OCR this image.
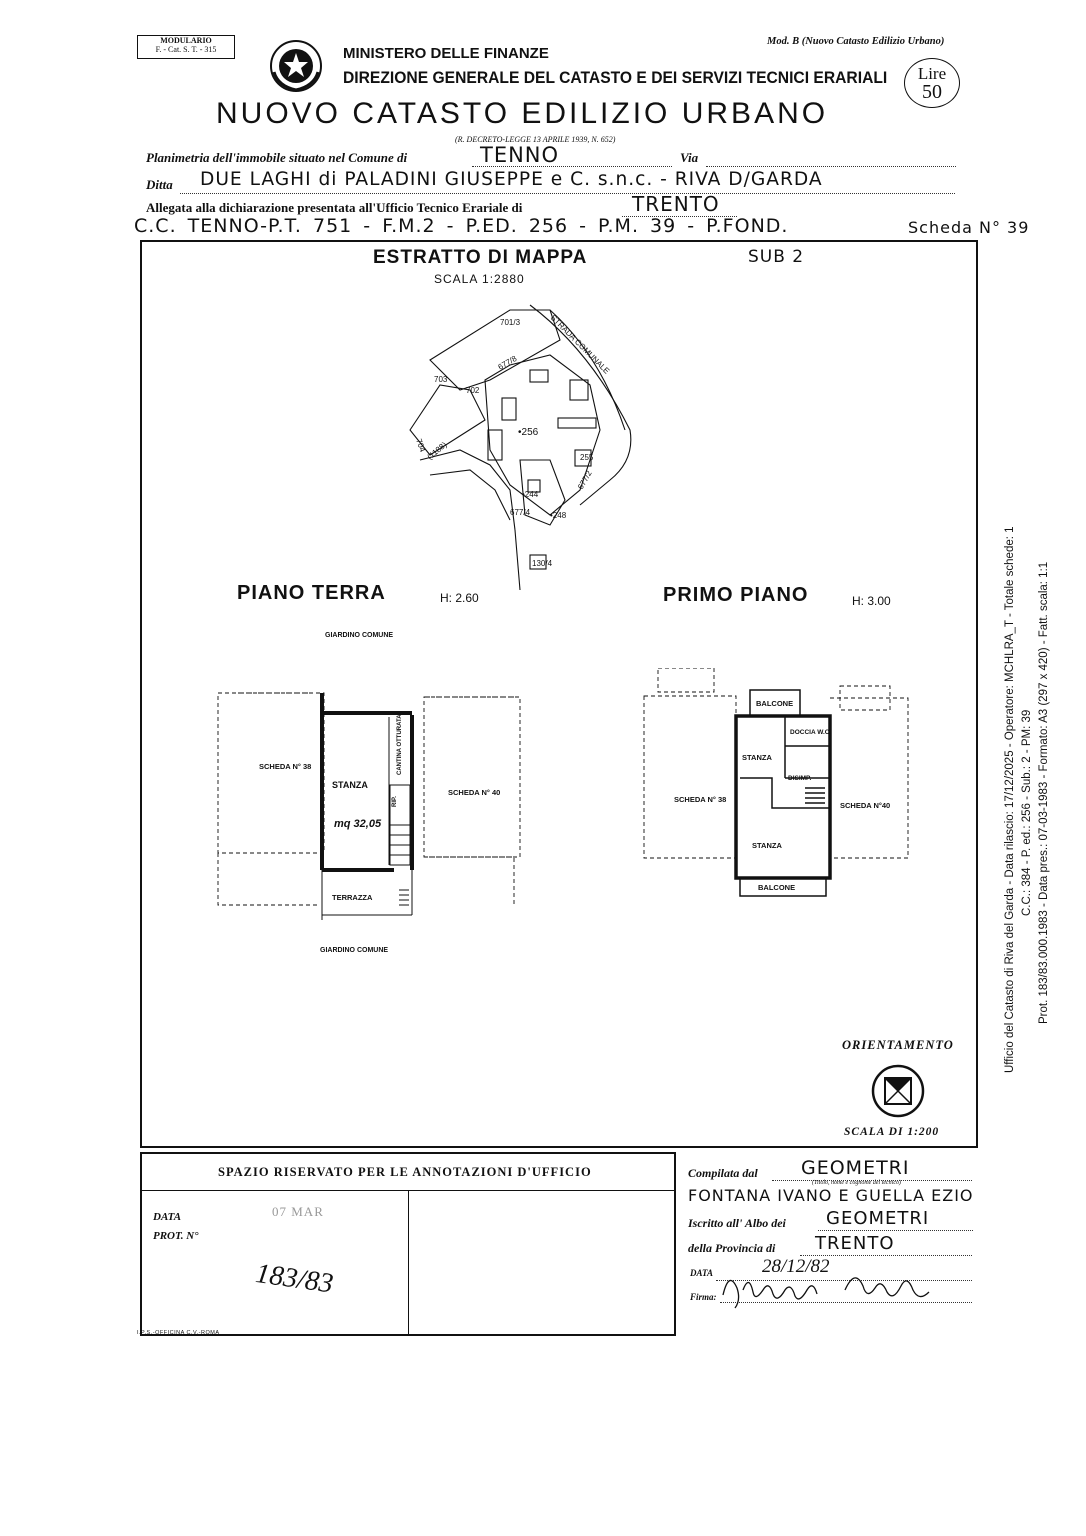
MODULARIO
F. - Cat. S. T. - 315
Mod. B (Nuovo Catasto Edilizio Urbano)
MINISTERO DELLE FINANZE
DIREZIONE GENERALE DEL CATASTO E DEI SERVIZI TECNICI ERARIALI	Lire
50
NUOVO CATASTO EDILIZIO URBANO
(R. DECRETO-LEGGE 13 APRILE 1939, N. 652)
Planimetria dell'immobile situato nel Comune di	TENNO	Via
Ditta DUE LAGHI di PALADINI GIUSEPPE e C. s.n.c. - RIVA D/GARDA
Allegata alla dichiarazione presentata all'Ufficio Tecnico Erariale di	TRENTO
C.C. TENNO-P.T. 751 - F.M.2 - P.ED. 256 - P.M. 39 - P.FOND.	Scheda N° 39
ESTRATTO DI MAPPA	SUB 2
SCALA 1:2880
701/3
703
702
677/8
704
(1188)
•256
255
•244
677/4 •248
677/2
STRADA COMUNALE
130/4
PIANO TERRA	H: 2.60
GIARDINO COMUNE
SCHEDA N° 38
STANZA
mq 32,05
RIP.
CANTINA OTTURATA
SCHEDA N° 40
TERRAZZA
GIARDINO COMUNE
PRIMO PIANO	H: 3.00
BALCONE
DOCCIA W.C.
STANZA
DISIMP.
SCHEDA N° 38
SCHEDA N°40
STANZA
BALCONE
ORIENTAMENTO
SCALA DI 1:200
SPAZIO RISERVATO PER LE ANNOTAZIONI D'UFFICIO
DATA	07 MAR
PROT. N°
183/83
Compilata dal GEOMETRI
(Titolo, nome e cognome del tecnico)
FONTANA IVANO E GUELLA EZIO
Iscritto all' Albo dei GEOMETRI
della Provincia di TRENTO
DATA	28/12/82
Firma:
I.P.S.-OFFICINA C.V.-ROMA
Ufficio del Catasto di Riva del Garda - Data rilascio: 17/12/2025 - Operatore: MCHLRA_T - Totale schede: 1 C.C.: 384 - P. ed.: 256 - Sub.: 2 - PM: 39 Prot. 183/83.000.1983 - Data pres.: 07-03-1983 - Formato: A3 (297 x 420) - Fatt. scala: 1:1
